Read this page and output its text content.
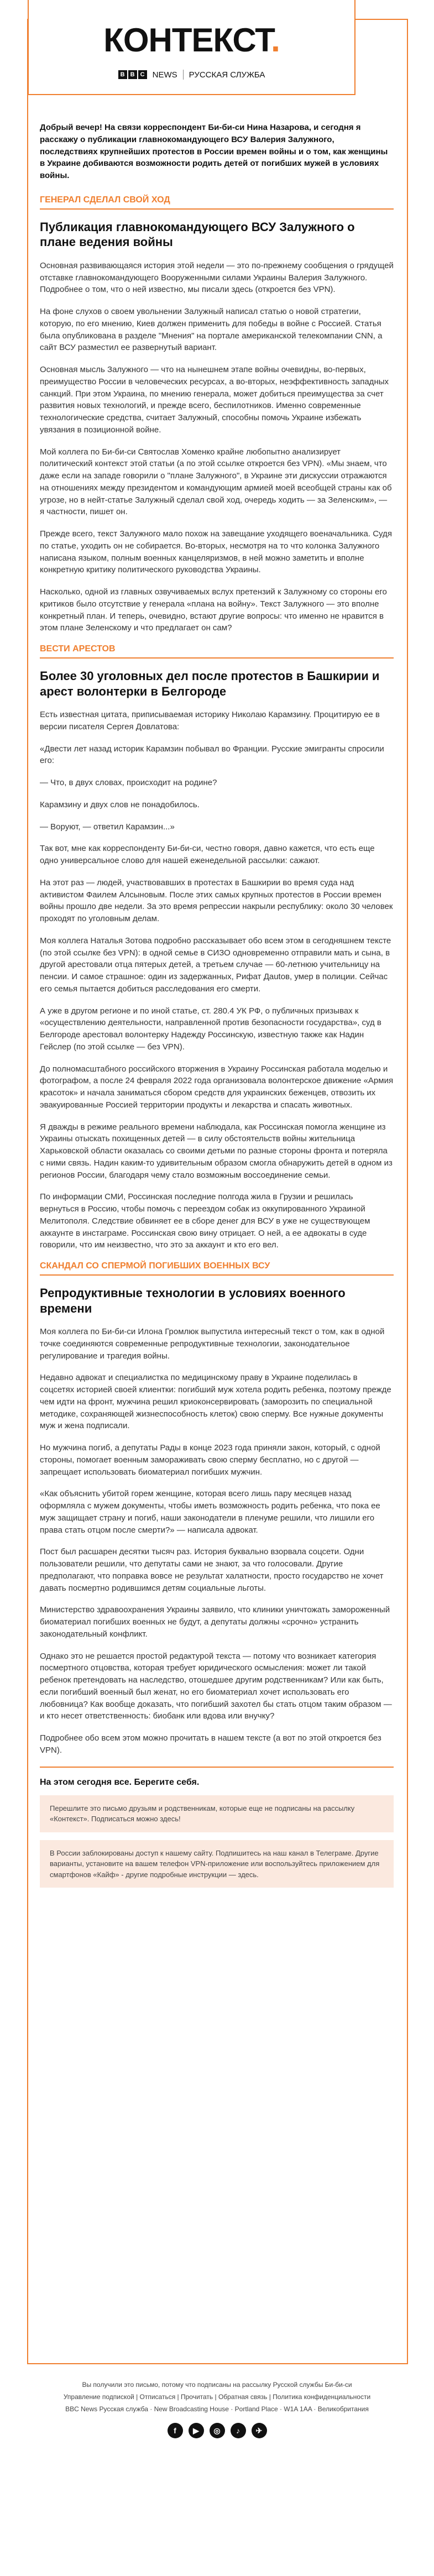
КОНТЕКСТ.
B B C NEWS РУССКАЯ СЛУЖБА

Добрый вечер! На связи корреспондент Би-би-си Нина Назарова, и сегодня я расскажу о публикации главнокомандующего ВСУ Валерия Залужного, последствиях крупнейших протестов в России времен войны и о том, как женщины в Украине добиваются возможности родить детей от погибших мужей в условиях войны.

ГЕНЕРАЛ СДЕЛАЛ СВОЙ ХОД
Публикация главнокомандующего ВСУ Залужного о плане ведения войны

Основная развивающаяся история этой недели — это по-прежнему сообщения о грядущей отставке главнокомандующего Вооруженными силами Украины Валерия Залужного. Подробнее о том, что о ней известно, мы писали здесь (откроется без VPN).

На фоне слухов о своем увольнении Залужный написал статью о новой стратегии, которую, по его мнению, Киев должен применить для победы в войне с Россией. Статья была опубликована в разделе "Мнения" на портале американской телекомпании CNN, а сайт ВСУ разместил ее развернутый вариант.

Основная мысль Залужного — что на нынешнем этапе войны очевидны, во-первых, преимущество России в человеческих ресурсах, а во-вторых, неэффективность западных санкций. При этом Украина, по мнению генерала, может добиться преимущества за счет развития новых технологий, и прежде всего, беспилотников. Именно современные технологические средства, считает Залужный, способны помочь Украине избежать увязания в позиционной войне.

Мой коллега по Би-би-си Святослав Хоменко крайне любопытно анализирует политический контекст этой статьи (а по этой ссылке откроется без VPN). «Мы знаем, что даже если на западе говорили о "плане Залужного", в Украине эти дискуссии отражаются на отношениях между президентом и командующим армией моей всеобщей страны как об угрозе, но в нейт-статье Залужный сделал свой ход, очередь ходить — за Зеленским», — я частности, пишет он.

Прежде всего, текст Залужного мало похож на завещание уходящего военачальника. Судя по статье, уходить он не собирается. Во-вторых, несмотря на то что колонка Залужного написана языком, полным военных канцеляризмов, в ней можно заметить и вполне конкретную критику политического руководства Украины.

Насколько, одной из главных озвучиваемых вслух претензий к Залужному со стороны его критиков было отсутствие у генерала «плана на войну». Текст Залужного — это вполне конкретный план. И теперь, очевидно, встают другие вопросы: что именно не нравится в этом плане Зеленскому и что предлагает он сам?

ВЕСТИ АРЕСТОВ
Более 30 уголовных дел после протестов в Башкирии и арест волонтерки в Белгороде

Есть известная цитата, приписываемая историку Николаю Карамзину. Процитирую ее в версии писателя Сергея Довлатова:

«Двести лет назад историк Карамзин побывал во Франции. Русские эмигранты спросили его:

— Что, в двух словах, происходит на родине?

Карамзину и двух слов не понадобилось.

— Воруют, — ответил Карамзин...»

Так вот, мне как корреспонденту Би-би-си, честно говоря, давно кажется, что есть еще одно универсальное слово для нашей еженедельной рассылки: сажают.

На этот раз — людей, участвовавших в протестах в Башкирии во время суда над активистом Фаилем Алсыновым. После этих самых крупных протестов в России времен войны прошло две недели. За это время репрессии накрыли республику: около 30 человек проходят по уголовным делам.

Моя коллега Наталья Зотова подробно рассказывает обо всем этом в сегодняшнем тексте (по этой ссылке без VPN): в одной семье в СИЗО одновременно отправили мать и сына, в другой арестовали отца пятерых детей, а третьем случае — 60-летнюю учительницу на пенсии. И самое страшное: один из задержанных, Рифат Дautов, умер в полиции. Сейчас его семья пытается добиться расследования его смерти.

А уже в другом регионе и по иной статье, ст. 280.4 УК РФ, о публичных призывах к «осуществлению деятельности, направленной против безопасности государства», суд в Белгороде арестовал волонтерку Надежду Россинскую, известную также как Надин Гейслер (по этой ссылке — без VPN).

До полномасштабного российского вторжения в Украину Россинская работала моделью и фотографом, а после 24 февраля 2022 года организовала волонтерское движение «Армия красоток» и начала заниматься сбором средств для украинских беженцев, отвозить их эвакуированные Россией территории продукты и лекарства и спасать животных.

Я дважды в режиме реального времени наблюдала, как Россинская помогла женщине из Украины отыскать похищенных детей — в силу обстоятельств войны жительница Харьковской области оказалась со своими детьми по разные стороны фронта и потеряла с ними связь. Надин каким-то удивительным образом смогла обнаружить детей в одном из регионов России, благодаря чему стало возможным воссоединение семьи.

По информации СМИ, Россинская последние полгода жила в Грузии и решилась вернуться в Россию, чтобы помочь с переездом собак из оккупированного Украиной Мелитополя. Следствие обвиняет ее в сборе денег для ВСУ в уже не существующем аккаунте в инстаграме. Россинская свою вину отрицает. О ней, а ее адвокаты в суде говорили, что им неизвестно, что это за аккаунт и кто его вел.

СКАНДАЛ СО СПЕРМОЙ ПОГИБШИХ ВОЕННЫХ ВСУ
Репродуктивные технологии в условиях военного времени

Моя коллега по Би-би-си Илона Громлюк выпустила интересный текст о том, как в одной точке соединяются современные репродуктивные технологии, законодательное регулирование и трагедия войны.

Недавно адвокат и специалистка по медицинскому праву в Украине поделилась в соцсетях историей своей клиентки: погибший муж хотела родить ребенка, поэтому прежде чем идти на фронт, мужчина решил криоконсервировать (заморозить по специальной методике, сохраняющей жизнеспособность клеток) свою сперму. Все нужные документы муж и жена подписали.

Но мужчина погиб, а депутаты Рады в конце 2023 года приняли закон, который, с одной стороны, помогает военным замораживать свою сперму бесплатно, но с другой — запрещает использовать биоматериал погибших мужчин.

«Как объяснить убитой горем женщине, которая всего лишь пару месяцев назад оформляла с мужем документы, чтобы иметь возможность родить ребенка, что пока ее муж защищает страну и погиб, наши законодатели в пленуме решили, что лишили его права стать отцом после смерти?» — написала адвокат.

Пост был расшарен десятки тысяч раз. История буквально взорвала соцсети. Одни пользователи решили, что депутаты сами не знают, за что голосовали. Другие предполагают, что поправка вовсе не результат халатности, просто государство не хочет давать посмертно родившимся детям социальные льготы.

Министерство здравоохранения Украины заявило, что клиники уничтожать замороженный биоматериал погибших военных не будут, а депутаты должны «срочно» устранить законодательный конфликт.

Однако это не решается простой редактурой текста — потому что возникает категория посмертного отцовства, которая требует юридического осмысления: может ли такой ребенок претендовать на наследство, отошедшее другим родственникам? Или как быть, если погибший военный был женат, но его биоматериал хочет использовать его любовница? Как вообще доказать, что погибший захотел бы стать отцом таким образом — и кто несет ответственность: биобанк или вдова или внучку?

Подробнее обо всем этом можно прочитать в нашем тексте (а вот по этой откроется без VPN).

На этом сегодня все. Берегите себя.
Перешлите это письмо друзьям и родственникам, которые еще не подписаны на рассылку «Контекст». Подписаться можно здесь!
В России заблокированы доступ к нашему сайту. Подпишитесь на наш канал в Телеграме. Другие варианты, установите на вашем телефон VPN-приложение или воспользуйтесь приложением для смартфонов «Кайф» - другие подробные инструкции — здесь.
Вы получили это письмо, потому что подписаны на рассылку Русской службы Би-би-си
Управление подпиской | Отписаться | Прочитать | Обратная связь | Политика конфиденциальности
BBC News Русская служба · New Broadcasting House · Portland Place · W1A 1AA · Великобритания
f	▶	◎	♪	✈
